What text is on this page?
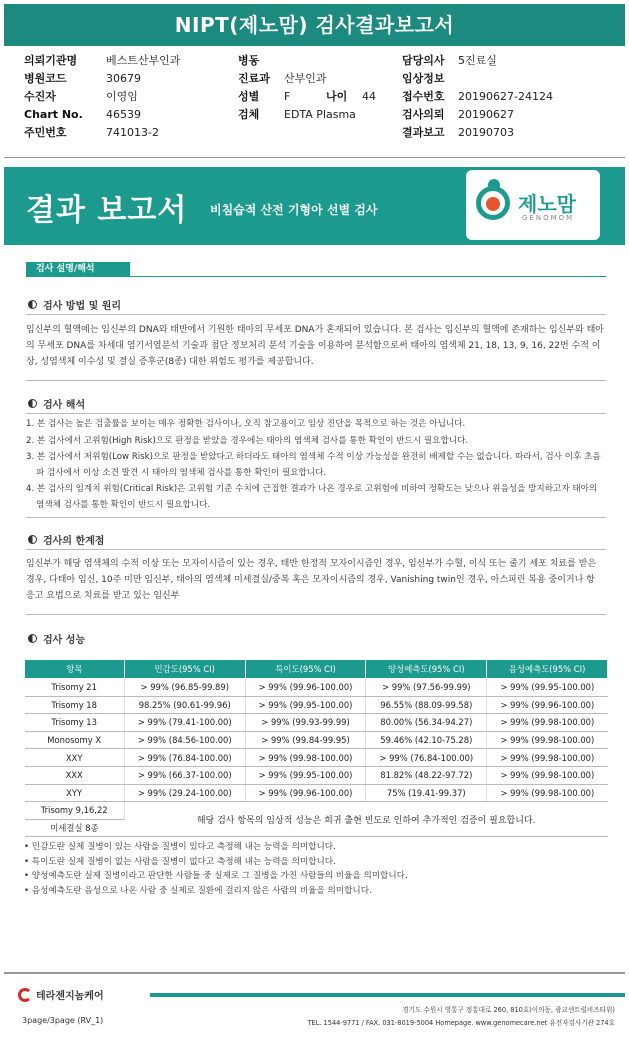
NIPT(제노맘) 검사결과보고서
의뢰기관명	베스트산부인과
병원코드	30679
수진자	이영임
Chart No.	46539
주민번호	741013-2
병동
진료과	산부인과
성별	F	나이	44
검체	EDTA Plasma
담당의사	5진료실
임상정보
접수번호	20190627-24124
검사의뢰	20190627
결과보고	20190703
결과 보고서 비침습적 산전 기형아 선별 검사	제노맘
GENOMOM
검사 설명/해석
검사 방법 및 원리
임신부의 혈액에는 임신부의 DNA와 태반에서 기원한 태아의 무세포 DNA가 혼재되어 있습니다. 본 검사는 임신부의 혈액에 존재하는 임신부와 태아의 무세포 DNA를 차세대 염기서열분석 기술과 첨단 정보처리 분석 기술을 이용하여 분석함으로써 태아의 염색체 21, 18, 13, 9, 16, 22번 수적 이상, 성염색체 이수성 및 결실 증후군(8종) 대한 위험도 평가를 제공합니다.
검사 해석
1. 본 검사는 높은 검출률을 보이는 매우 정확한 검사이나, 오직 참고용이고 임상 진단을 목적으로 하는 것은 아닙니다.
2. 본 검사에서 고위험(High Risk)으로 판정을 받았을 경우에는 태아의 염색체 검사를 통한 확인이 반드시 필요합니다.
3. 본 검사에서 저위험(Low Risk)으로 판정을 받았다고 하더라도 태아의 염색체 수적 이상 가능성을 완전히 배제할 수는 없습니다. 따라서, 검사 이후 초음파 검사에서 이상 소견 발견 시 태아의 염색체 검사를 통한 확인이 필요합니다.
4. 본 검사의 임계치 위험(Critical Risk)은 고위험 기준 수치에 근접한 결과가 나온 경우로 고위험에 비하여 정확도는 낮으나 위음성을 방지하고자 태아의 염색체 검사를 통한 확인이 반드시 필요합니다.
검사의 한계점
임신부가 해당 염색체의 수적 이상 또는 모자이시즘이 있는 경우, 태반 한정적 모자이시즘인 경우, 임신부가 수혈, 이식 또는 줄기 세포 치료를 받은 경우, 다태아 임신, 10주 미만 임신부, 태아의 염색체 미세결실/중복 혹은 모자이시즘의 경우, Vanishing twin인 경우, 아스피린 복용 중이거나 항 응고 요법으로 치료를 받고 있는 임신부
검사 성능
항목	민감도(95% CI)	특이도(95% CI)	양성예측도(95% CI)	음성예측도(95% CI)
Trisomy 21	> 99% (96.85-99.89)	> 99% (99.96-100.00)	> 99% (97.56-99.99)	> 99% (99.95-100.00)
Trisomy 18	98.25% (90.61-99.96)	> 99% (99.95-100.00)	96.55% (88.09-99.58)	> 99% (99.96-100.00)
Trisomy 13	> 99% (79.41-100.00)	> 99% (99.93-99.99)	80.00% (56.34-94.27)	> 99% (99.98-100.00)
Monosomy X	> 99% (84.56-100.00)	> 99% (99.84-99.95)	59.46% (42.10-75.28)	> 99% (99.98-100.00)
XXY	> 99% (76.84-100.00)	> 99% (99.98-100.00)	> 99% (76.84-100.00)	> 99% (99.98-100.00)
XXX	> 99% (66.37-100.00)	> 99% (99.95-100.00)	81.82% (48.22-97.72)	> 99% (99.98-100.00)
XYY	> 99% (29.24-100.00)	> 99% (99.96-100.00)	75% (19.41-99.37)	> 99% (99.98-100.00)
Trisomy 9,16,22	해당 검사 항목의 임상적 성능은 희귀 출현 빈도로 인하여 추가적인 검증이 필요합니다.			
미세결실 8종				
• 민감도란 실제 질병이 있는 사람을 질병이 있다고 측정해 내는 능력을 의미합니다.
• 특이도란 실제 질병이 없는 사람을 질병이 없다고 측정해 내는 능력을 의미합니다.
• 양성예측도란 실제 질병이라고 판단한 사람들 중 실제로 그 질병을 가진 사람들의 비율을 의미합니다.
• 음성예측도란 음성으로 나온 사람 중 실제로 질환에 걸리지 않은 사람의 비율을 의미합니다.
테라젠지놈케어
경기도 수원시 영통구 정통대로 260, 810호(이의동, 광교센트럴비즈타워)
TEL. 1544-9771 / FAX. 031-8019-5004 Homepage. www.genomecare.net 유전자검사기관 274호
3page/3page (RV_1)
